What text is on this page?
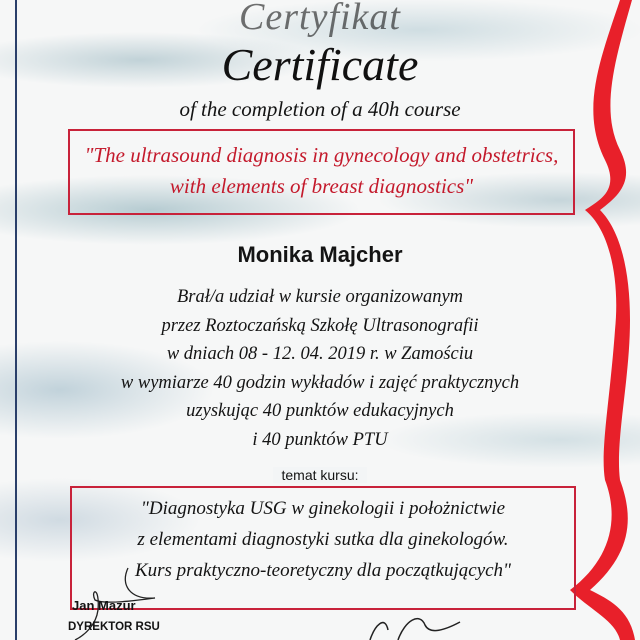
Certyfikat
Certificate
of the completion of a 40h course
"The ultrasound diagnosis in gynecology and obstetrics,
with elements of breast diagnostics"
Monika Majcher
Brał/a udział w kursie organizowanym
przez Roztoczańską Szkołę Ultrasonografii
w dniach 08 - 12. 04. 2019 r. w Zamościu
w wymiarze 40 godzin wykładów i zajęć praktycznych
uzyskując 40 punktów edukacyjnych
i 40 punktów PTU
temat kursu:
"Diagnostyka USG w ginekologii i położnictwie
z elementami diagnostyki sutka dla ginekologów.
Kurs praktyczno-teoretyczny dla początkujących"
Jan Mazur
DYREKTOR RSU
